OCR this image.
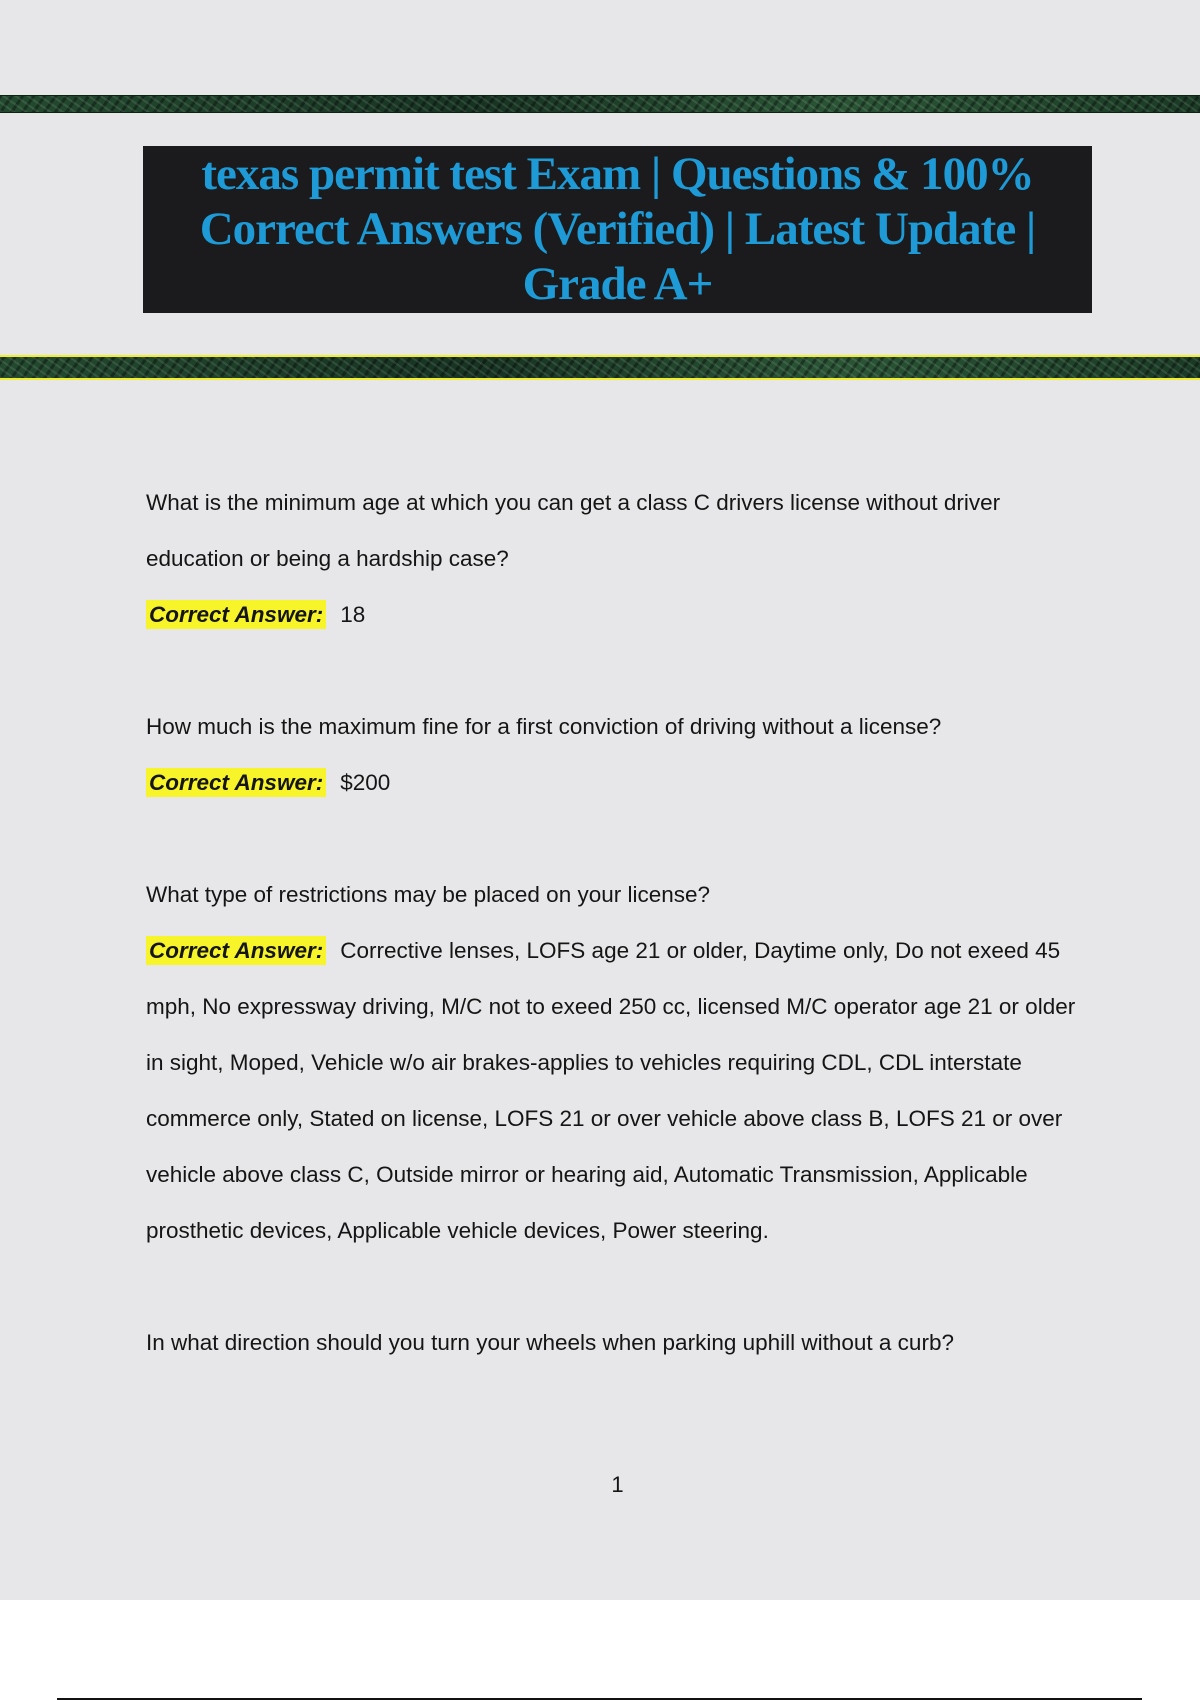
texas permit test Exam | Questions & 100% Correct Answers (Verified) | Latest Update | Grade A+
What is the minimum age at which you can get a class C drivers license without driver education or being a hardship case?
Correct Answer: 18
How much is the maximum fine for a first conviction of driving without a license?
Correct Answer: $200
What type of restrictions may be placed on your license?
Correct Answer: Corrective lenses, LOFS age 21 or older, Daytime only, Do not exeed 45 mph, No expressway driving, M/C not to exeed 250 cc, licensed M/C operator age 21 or older in sight, Moped, Vehicle w/o air brakes-applies to vehicles requiring CDL, CDL interstate commerce only, Stated on license, LOFS 21 or over vehicle above class B, LOFS 21 or over vehicle above class C, Outside mirror or hearing aid, Automatic Transmission, Applicable prosthetic devices, Applicable vehicle devices, Power steering.
In what direction should you turn your wheels when parking uphill without a curb?
1
